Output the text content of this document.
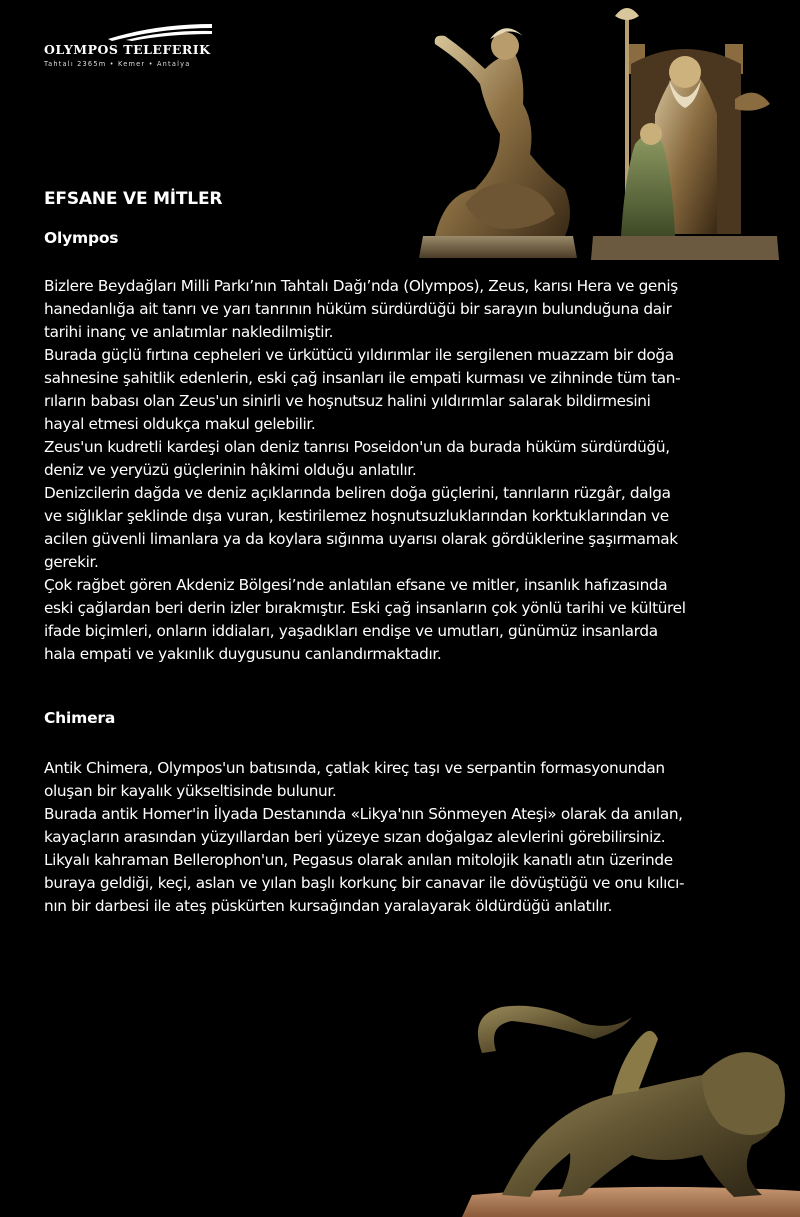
OLYMPOS TELEFERIK
Tahtalı 2365m • Kemer • Antalya
EFSANE VE MİTLER
Olympos
Bizlere Beydağları Milli Parkı’nın Tahtalı Dağı’nda (Olympos), Zeus, karısı Hera ve geniş
hanedanlığa ait tanrı ve yarı tanrının hüküm sürdürdüğü bir sarayın bulunduğuna dair
tarihi inanç ve anlatımlar nakledilmiştir.
Burada güçlü fırtına cepheleri ve ürkütücü yıldırımlar ile sergilenen muazzam bir doğa
sahnesine şahitlik edenlerin, eski çağ insanları ile empati kurması ve zihninde tüm tan-
rıların babası olan Zeus'un sinirli ve hoşnutsuz halini yıldırımlar salarak bildirmesini
hayal etmesi oldukça makul gelebilir.
Zeus'un kudretli kardeşi olan deniz tanrısı Poseidon'un da burada hüküm sürdürdüğü,
deniz ve yeryüzü güçlerinin hâkimi olduğu anlatılır.
Denizcilerin dağda ve deniz açıklarında beliren doğa güçlerini, tanrıların rüzgâr, dalga
ve sığlıklar şeklinde dışa vuran, kestirilemez hoşnutsuzluklarından korktuklarından ve
acilen güvenli limanlara ya da koylara sığınma uyarısı olarak gördüklerine şaşırmamak
gerekir.
Çok rağbet gören Akdeniz Bölgesi’nde anlatılan efsane ve mitler, insanlık hafızasında
eski çağlardan beri derin izler bırakmıştır. Eski çağ insanların çok yönlü tarihi ve kültürel
ifade biçimleri, onların iddiaları, yaşadıkları endişe ve umutları, günümüz insanlarda
hala empati ve yakınlık duygusunu canlandırmaktadır.
Chimera
Antik Chimera, Olympos'un batısında, çatlak kireç taşı ve serpantin formasyonundan
oluşan bir kayalık yükseltisinde bulunur.
Burada antik Homer'in İlyada Destanında «Likya'nın Sönmeyen Ateşi» olarak da anılan,
kayaçların arasından yüzyıllardan beri yüzeye sızan doğalgaz alevlerini görebilirsiniz.
Likyalı kahraman Bellerophon'un, Pegasus olarak anılan mitolojik kanatlı atın üzerinde
buraya geldiği, keçi, aslan ve yılan başlı korkunç bir canavar ile dövüştüğü ve onu kılıcı-
nın bir darbesi ile ateş püskürten kursağından yaralayarak öldürdüğü anlatılır.
